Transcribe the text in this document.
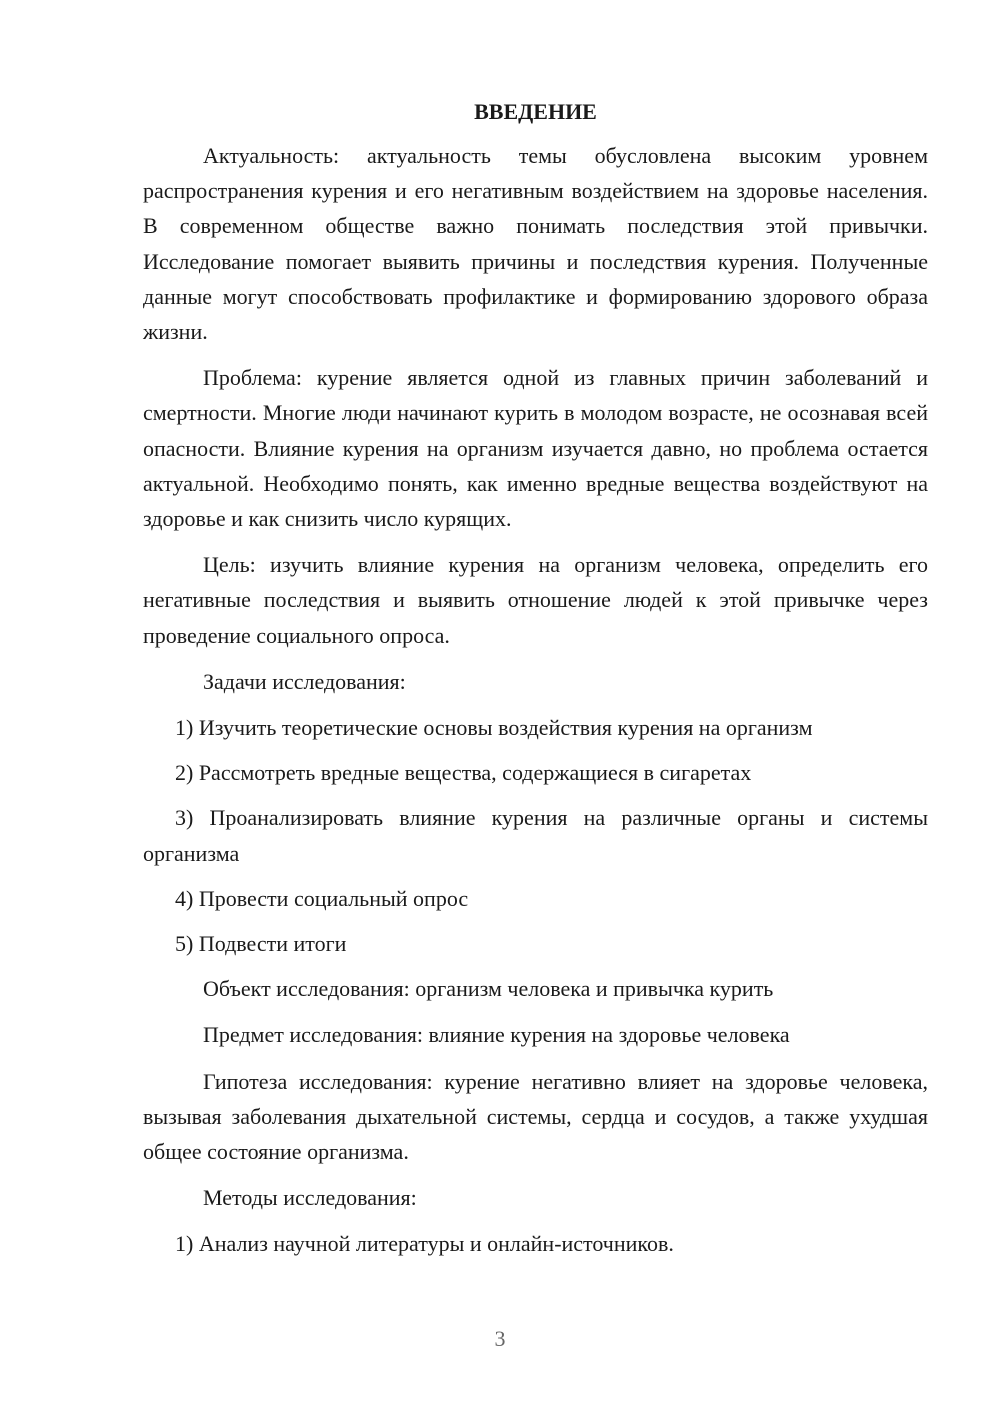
ВВЕДЕНИЕ

Актуальность: актуальность темы обусловлена высоким уровнем распространения курения и его негативным воздействием на здоровье населения. В современном обществе важно понимать последствия этой привычки. Исследование помогает выявить причины и последствия курения. Полученные данные могут способствовать профилактике и формированию здорового образа жизни.

Проблема: курение является одной из главных причин заболеваний и смертности. Многие люди начинают курить в молодом возрасте, не осознавая всей опасности. Влияние курения на организм изучается давно, но проблема остается актуальной. Необходимо понять, как именно вредные вещества воздействуют на здоровье и как снизить число курящих.

Цель: изучить влияние курения на организм человека, определить его негативные последствия и выявить отношение людей к этой привычке через проведение социального опроса.

Задачи исследования:

1) Изучить теоретические основы воздействия курения на организм

2) Рассмотреть вредные вещества, содержащиеся в сигаретах

3) Проанализировать влияние курения на различные органы и системы организма

4) Провести социальный опрос

5) Подвести итоги

Объект исследования: организм человека и привычка курить

Предмет исследования: влияние курения на здоровье человека

Гипотеза исследования: курение негативно влияет на здоровье человека, вызывая заболевания дыхательной системы, сердца и сосудов, а также ухудшая общее состояние организма.

Методы исследования:

1) Анализ научной литературы и онлайн-источников.

3
